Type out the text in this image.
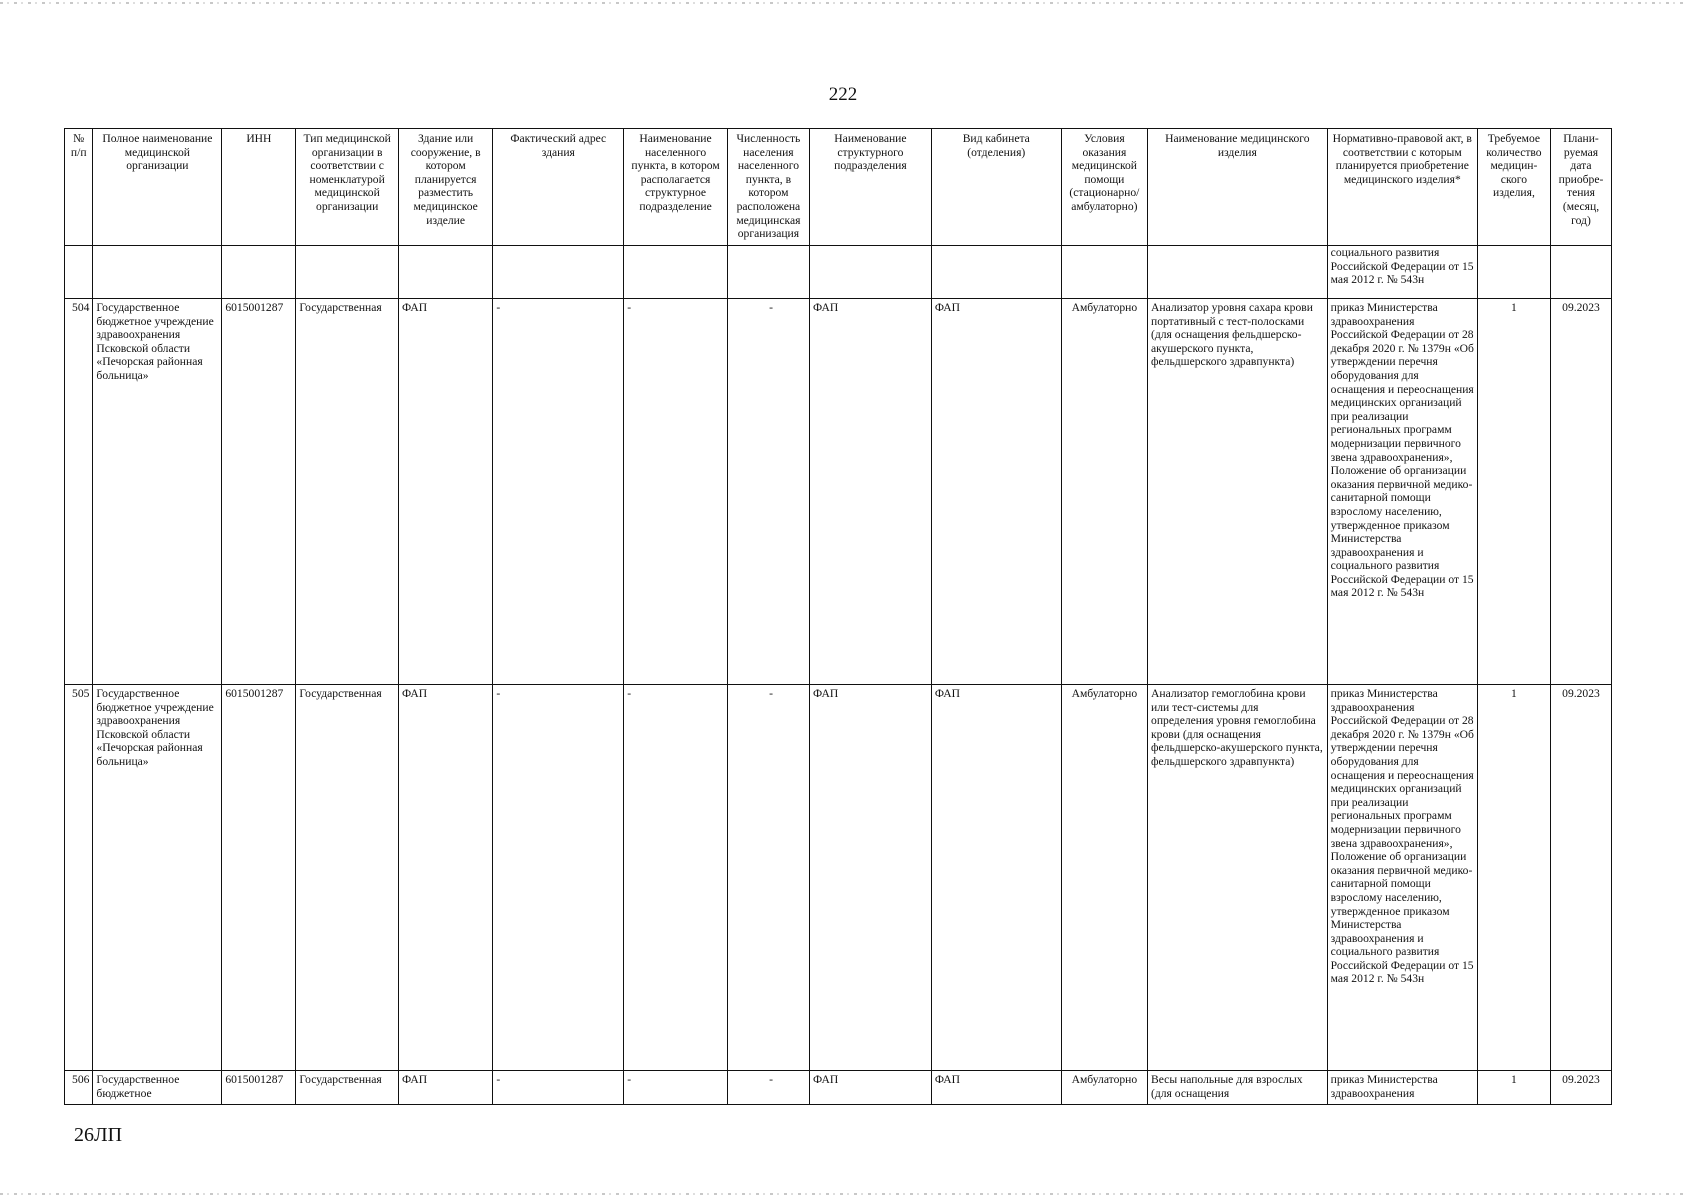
222
№ п/п	Полное наименование медицинской организации	ИНН	Тип медицинской организации в соответствии с номенклатурой медицинской организации	Здание или сооружение, в котором планируется разместить медицинское изделие	Фактический адрес здания	Наименование населенного пункта, в котором располагается структурное подразделение	Численность населения населенного пункта, в котором расположена медицинская организация	Наименование структурного подразделения	Вид кабинета (отделения)	Условия оказания медицинской помощи (стационарно/ амбулаторно)	Наименование медицинского изделия	Нормативно-правовой акт, в соответствии с которым планируется приобретение медицинского изделия*	Требуемое количество медицин-ского изделия,	Плани-руемая дата приобре-тения (месяц, год)

												социального развития Российской Федерации от 15 мая 2012 г. № 543н		

504	Государственное бюджетное учреждение здравоохранения Псковской области «Печорская районная больница»	6015001287	Государственная	ФАП	-	-	-	ФАП	ФАП	Амбулаторно	Анализатор уровня сахара крови портативный с тест-полосками (для оснащения фельдшерско-акушерского пункта, фельдшерского здравпункта)	приказ Министерства здравоохранения Российской Федерации от 28 декабря 2020 г. № 1379н «Об утверждении перечня оборудования для оснащения и переоснащения медицинских организаций при реализации региональных программ модернизации первичного звена здравоохранения», Положение об организации оказания первичной медико-санитарной помощи взрослому населению, утвержденное приказом Министерства здравоохранения и социального развития Российской Федерации от 15 мая 2012 г. № 543н	1	09.2023
505	Государственное бюджетное учреждение здравоохранения Псковской области «Печорская районная больница»	6015001287	Государственная	ФАП	-	-	-	ФАП	ФАП	Амбулаторно	Анализатор гемоглобина крови или тест-системы для определения уровня гемоглобина крови (для оснащения фельдшерско-акушерского пункта, фельдшерского здравпункта)	приказ Министерства здравоохранения Российской Федерации от 28 декабря 2020 г. № 1379н «Об утверждении перечня оборудования для оснащения и переоснащения медицинских организаций при реализации региональных программ модернизации первичного звена здравоохранения», Положение об организации оказания первичной медико-санитарной помощи взрослому населению, утвержденное приказом Министерства здравоохранения и социального развития Российской Федерации от 15 мая 2012 г. № 543н	1	09.2023
506	Государственное бюджетное	6015001287	Государственная	ФАП	-	-	-	ФАП	ФАП	Амбулаторно	Весы напольные для взрослых (для оснащения	приказ Министерства здравоохранения	1	09.2023
26ЛП
